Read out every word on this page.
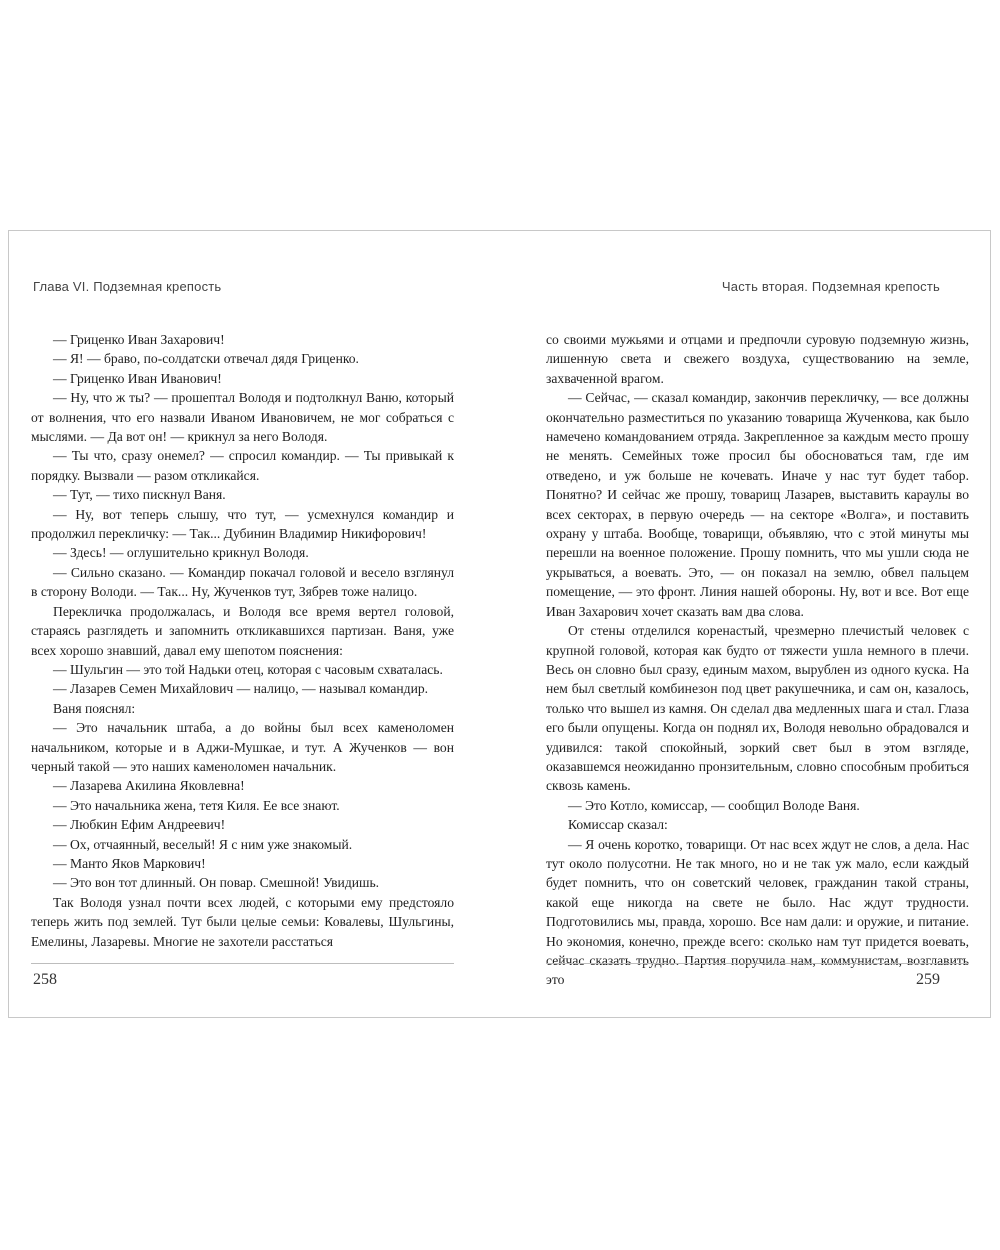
Глава VI. Подземная крепость	Часть вторая. Подземная крепость

— Гриценко Иван Захарович!

— Я! — браво, по-солдатски отвечал дядя Гриценко.

— Гриценко Иван Иванович!

— Ну, что ж ты? — прошептал Володя и подтолкнул Ваню, который от волнения, что его назвали Иваном Ивановичем, не мог собраться с мыслями. — Да вот он! — крикнул за него Володя.

— Ты что, сразу онемел? — спросил командир. — Ты привыкай к порядку. Вызвали — разом откликайся.

— Тут, — тихо пискнул Ваня.

— Ну, вот теперь слышу, что тут, — усмехнулся командир и продолжил перекличку: — Так... Дубинин Владимир Никифорович!

— Здесь! — оглушительно крикнул Володя.

— Сильно сказано. — Командир покачал головой и весело взглянул в сторону Володи. — Так... Ну, Жученков тут, Зябрев тоже налицо.

Перекличка продолжалась, и Володя все время вертел головой, стараясь разглядеть и запомнить откликавшихся партизан. Ваня, уже всех хорошо знавший, давал ему шепотом пояснения:

— Шульгин — это той Надьки отец, которая с часовым схваталась.

— Лазарев Семен Михайлович — налицо, — называл командир.

Ваня пояснял:

— Это начальник штаба, а до войны был всех каменоломен начальником, которые и в Аджи-Мушкае, и тут. А Жученков — вон черный такой — это наших каменоломен начальник.

— Лазарева Акилина Яковлевна!

— Это начальника жена, тетя Киля. Ее все знают.

— Любкин Ефим Андреевич!

— Ох, отчаянный, веселый! Я с ним уже знакомый.

— Манто Яков Маркович!

— Это вон тот длинный. Он повар. Смешной! Увидишь.

Так Володя узнал почти всех людей, с которыми ему предстояло теперь жить под землей. Тут были целые семьи: Ковалевы, Шульгины, Емелины, Лазаревы. Многие не захотели расстаться

со своими мужьями и отцами и предпочли суровую подземную жизнь, лишенную света и свежего воздуха, существованию на земле, захваченной врагом.

— Сейчас, — сказал командир, закончив перекличку, — все должны окончательно разместиться по указанию товарища Жученкова, как было намечено командованием отряда. Закрепленное за каждым место прошу не менять. Семейных тоже просил бы обосноваться там, где им отведено, и уж больше не кочевать. Иначе у нас тут будет табор. Понятно? И сейчас же прошу, товарищ Лазарев, выставить караулы во всех секторах, в первую очередь — на секторе «Волга», и поставить охрану у штаба. Вообще, товарищи, объявляю, что с этой минуты мы перешли на военное положение. Прошу помнить, что мы ушли сюда не укрываться, а воевать. Это, — он показал на землю, обвел пальцем помещение, — это фронт. Линия нашей обороны. Ну, вот и все. Вот еще Иван Захарович хочет сказать вам два слова.

От стены отделился коренастый, чрезмерно плечистый человек с крупной головой, которая как будто от тяжести ушла немного в плечи. Весь он словно был сразу, единым махом, вырублен из одного куска. На нем был светлый комбинезон под цвет ракушечника, и сам он, казалось, только что вышел из камня. Он сделал два медленных шага и стал. Глаза его были опущены. Когда он поднял их, Володя невольно обрадовался и удивился: такой спокойный, зоркий свет был в этом взгляде, оказавшемся неожиданно пронзительным, словно способным пробиться сквозь камень.

— Это Котло, комиссар, — сообщил Володе Ваня.

Комиссар сказал:

— Я очень коротко, товарищи. От нас всех ждут не слов, а дела. Нас тут около полусотни. Не так много, но и не так уж мало, если каждый будет помнить, что он советский человек, гражданин такой страны, какой еще никогда на свете не было. Нас ждут трудности. Подготовились мы, правда, хорошо. Все нам дали: и оружие, и питание. Но экономия, конечно, прежде всего: сколько нам тут придется воевать, сейчас сказать трудно. Партия поручила нам, коммунистам, возглавить это

258	259
